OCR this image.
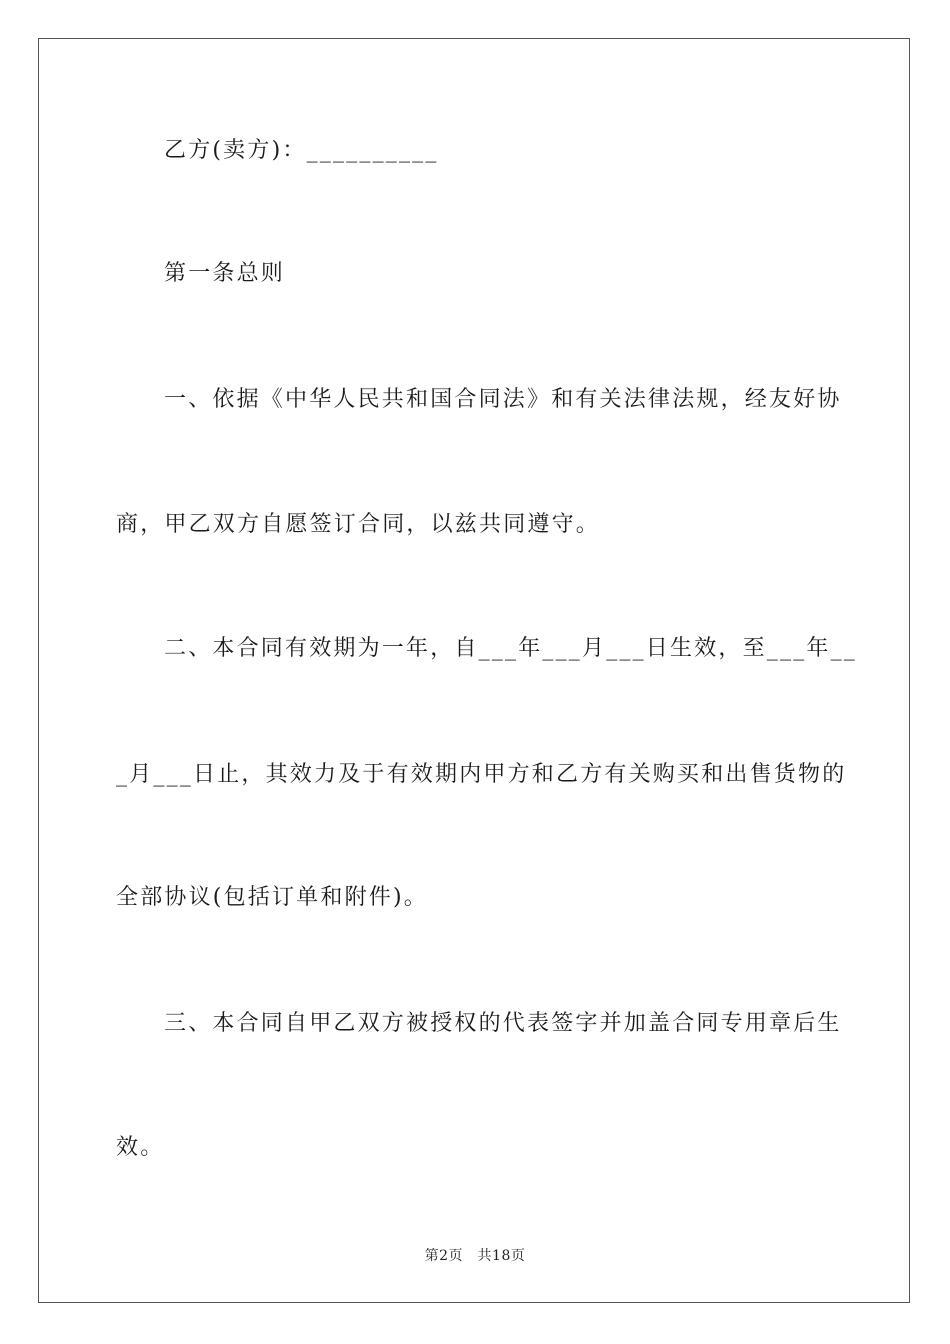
乙方(卖方)：__________
第一条总则
一、依据《中华人民共和国合同法》和有关法律法规，经友好协
商，甲乙双方自愿签订合同，以兹共同遵守。
二、本合同有效期为一年，自___年___月___日生效，至___年__
_月___日止，其效力及于有效期内甲方和乙方有关购买和出售货物的
全部协议(包括订单和附件)。
三、本合同自甲乙双方被授权的代表签字并加盖合同专用章后生
效。
第2页　共18页
